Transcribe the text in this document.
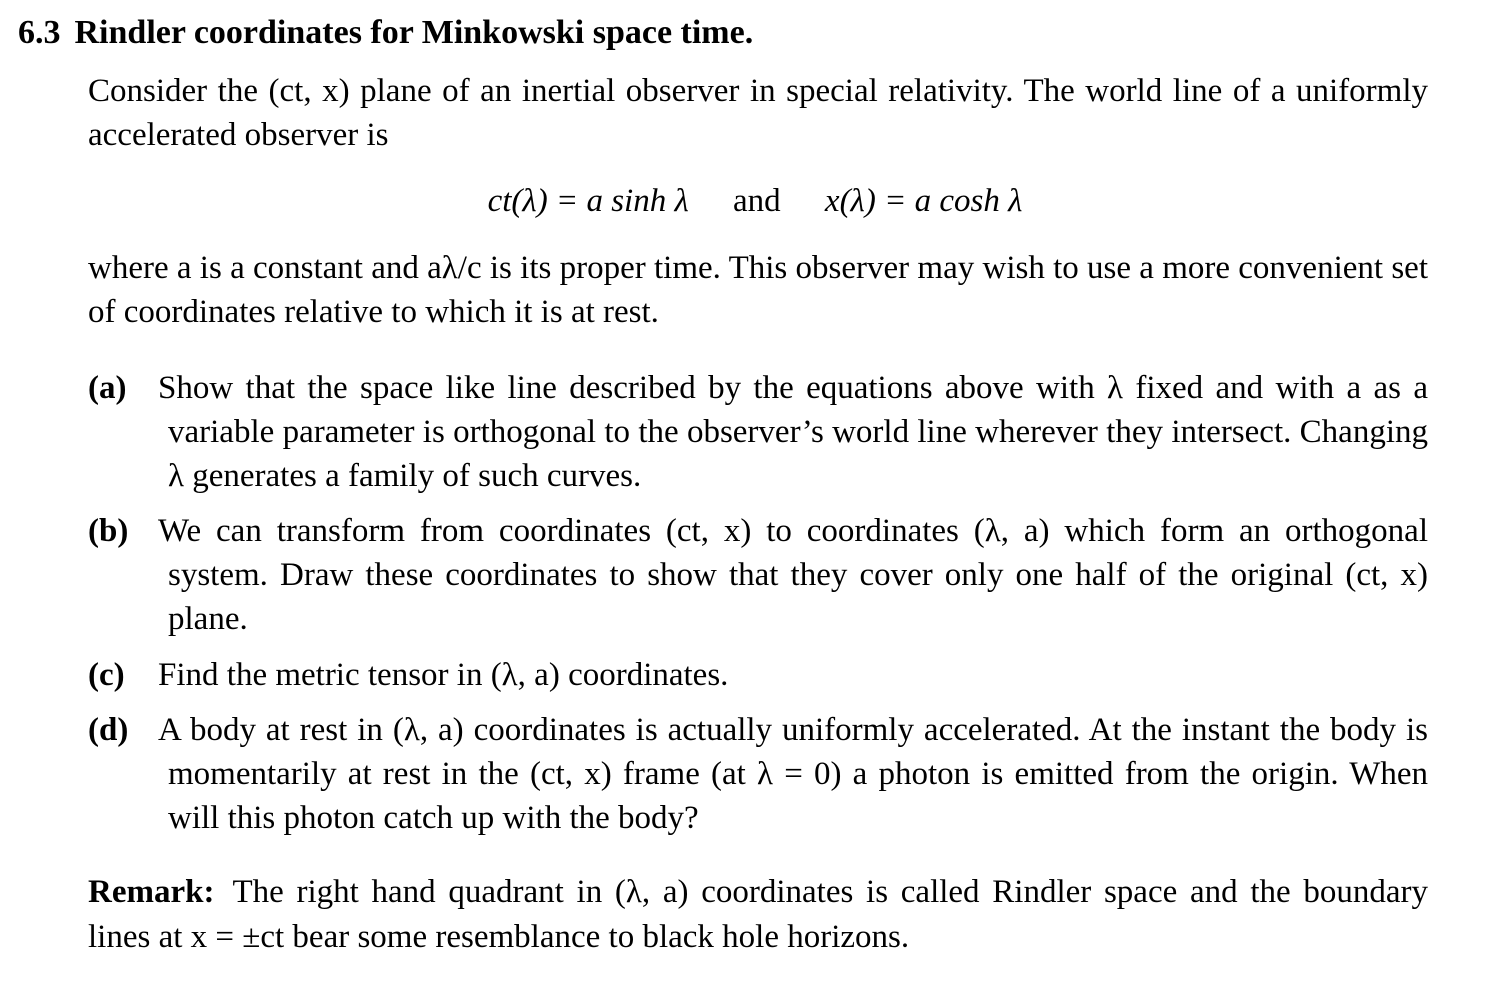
6.3 Rindler coordinates for Minkowski space time.
Consider the (ct, x) plane of an inertial observer in special relativity. The world line of a uniformly accelerated observer is
ct(λ) = a sinh λ and x(λ) = a cosh λ
where a is a constant and aλ/c is its proper time. This observer may wish to use a more convenient set of coordinates relative to which it is at rest.
(a) Show that the space like line described by the equations above with λ fixed and with a as a variable parameter is orthogonal to the observer’s world line wherever they intersect. Changing λ generates a family of such curves.
(b) We can transform from coordinates (ct, x) to coordinates (λ, a) which form an orthogonal system. Draw these coordinates to show that they cover only one half of the original (ct, x) plane.
(c) Find the metric tensor in (λ, a) coordinates.
(d) A body at rest in (λ, a) coordinates is actually uniformly accelerated. At the instant the body is momentarily at rest in the (ct, x) frame (at λ = 0) a photon is emitted from the origin. When will this photon catch up with the body?
Remark: The right hand quadrant in (λ, a) coordinates is called Rindler space and the boundary lines at x = ±ct bear some resemblance to black hole horizons.
